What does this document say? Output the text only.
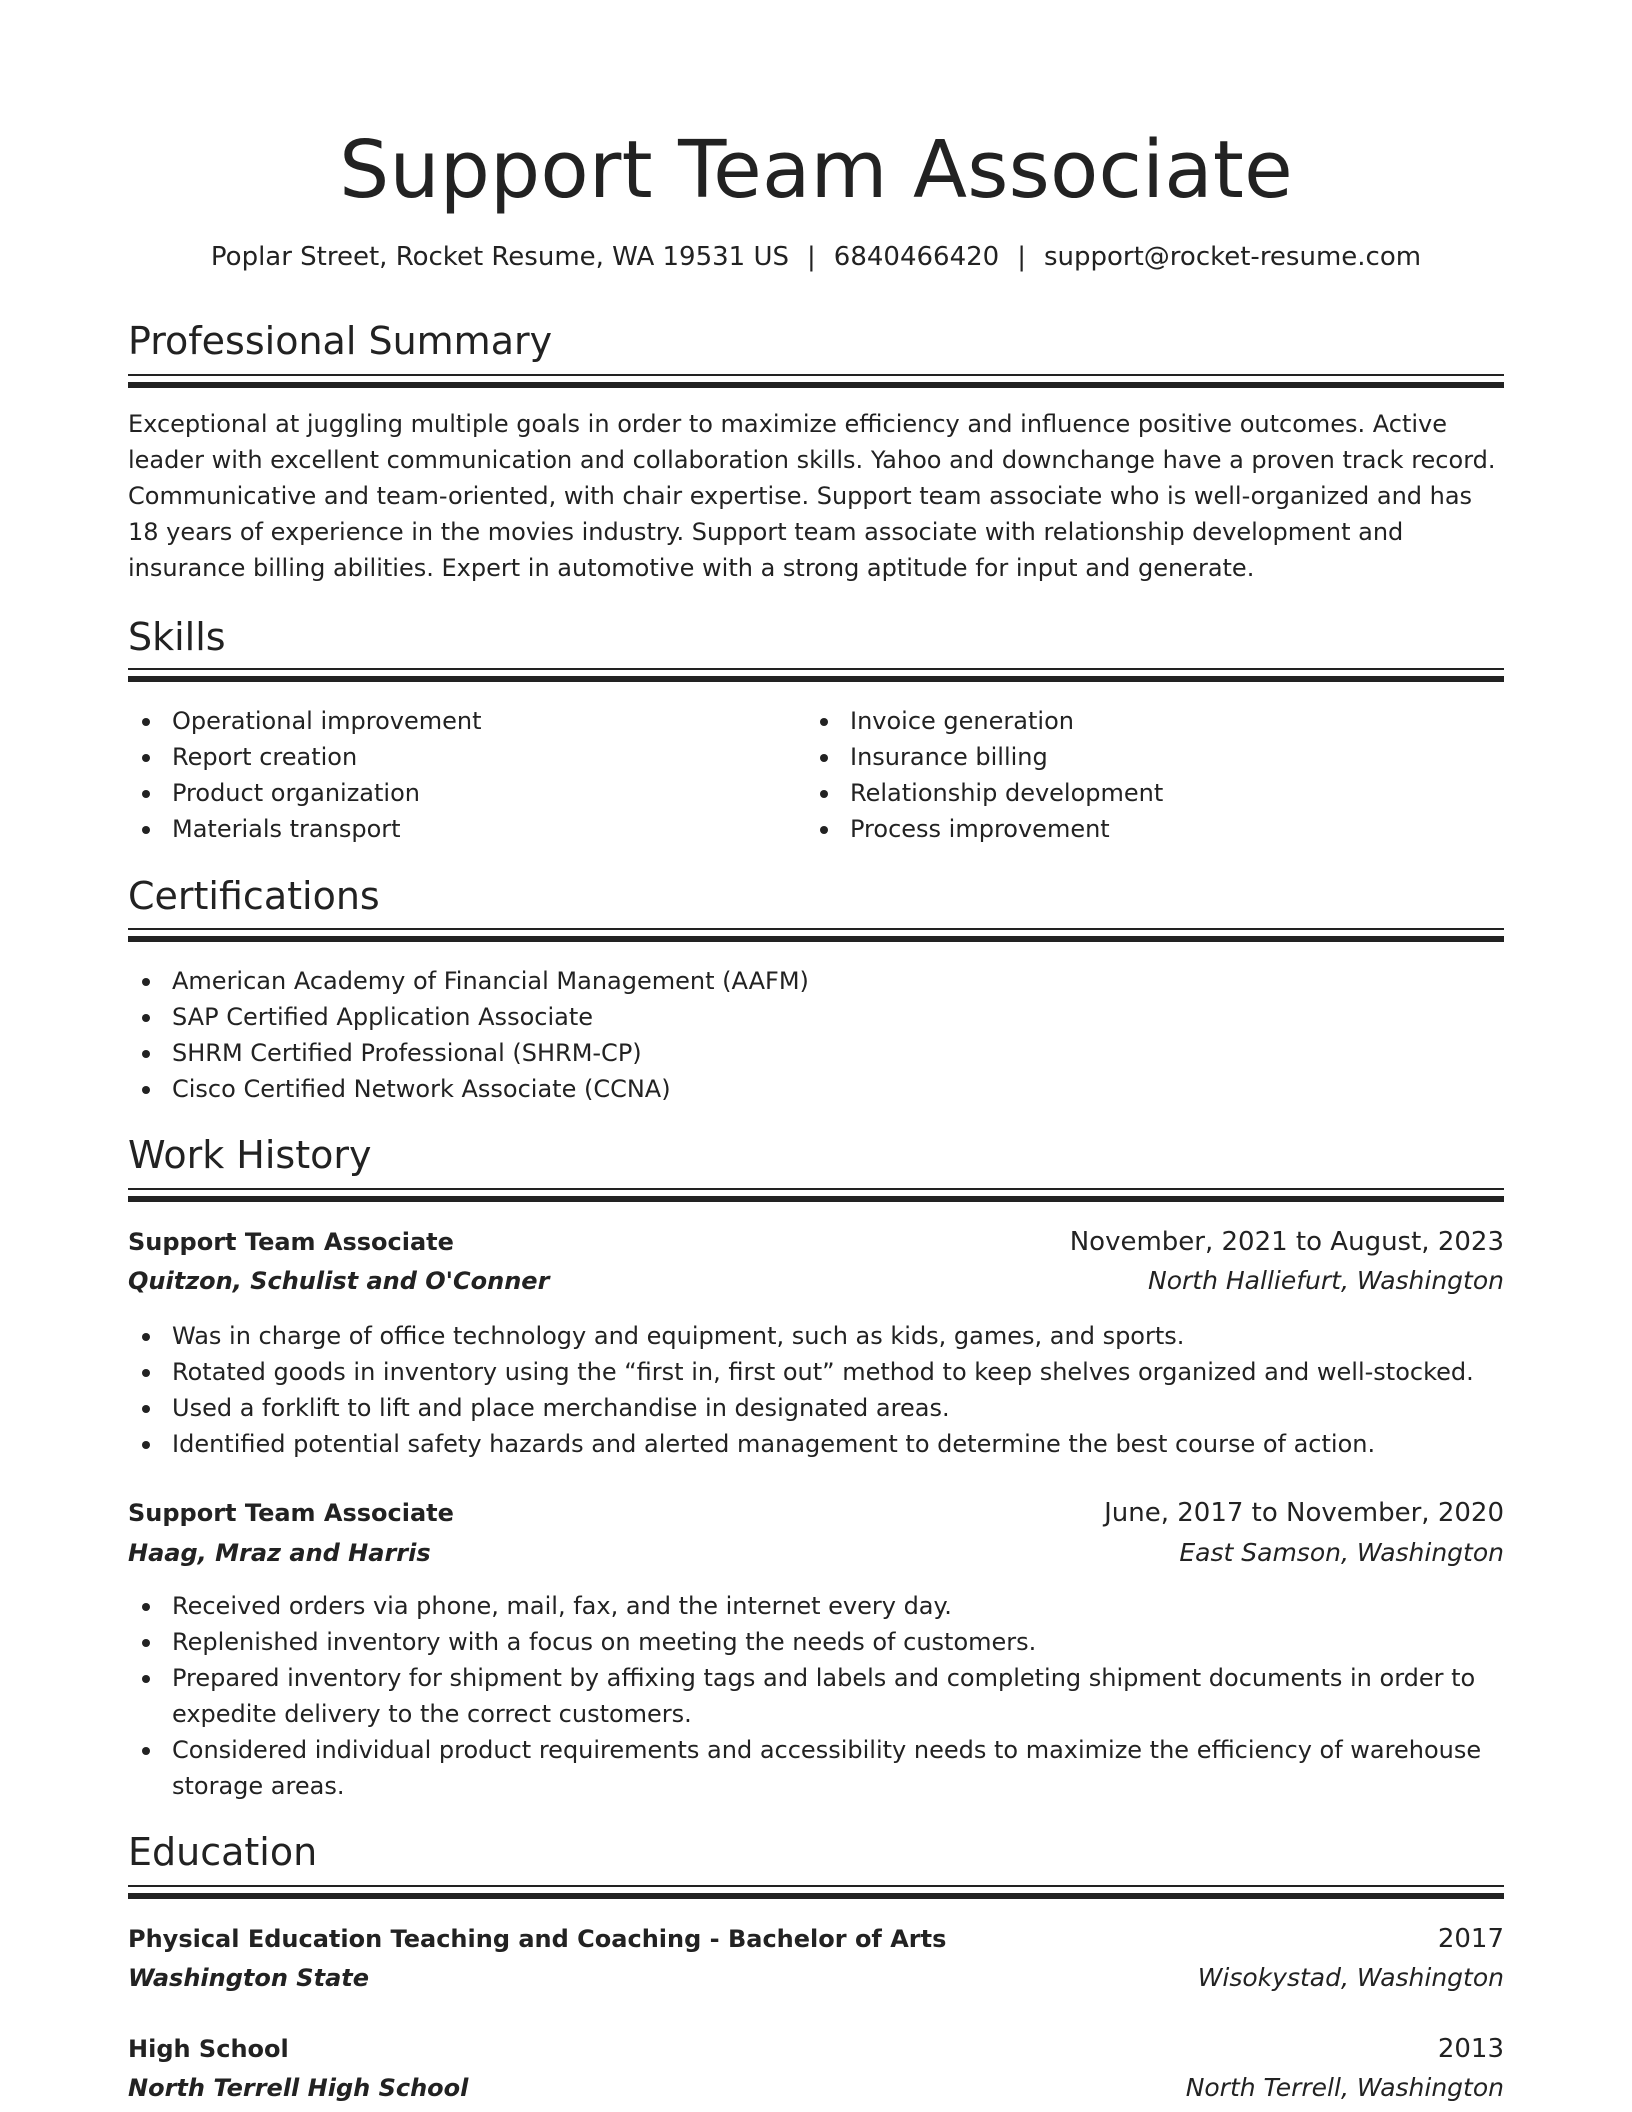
Support Team Associate
Poplar Street, Rocket Resume, WA 19531 US | 6840466420 | support@rocket-resume.com
Professional Summary
Exceptional at juggling multiple goals in order to maximize efficiency and influence positive outcomes. Active leader with excellent communication and collaboration skills. Yahoo and downchange have a proven track record. Communicative and team-oriented, with chair expertise. Support team associate who is well-organized and has 18 years of experience in the movies industry. Support team associate with relationship development and insurance billing abilities. Expert in automotive with a strong aptitude for input and generate.
Skills
Operational improvement
Report creation
Product organization
Materials transport
Invoice generation
Insurance billing
Relationship development
Process improvement
Certifications
American Academy of Financial Management (AAFM)
SAP Certified Application Associate
SHRM Certified Professional (SHRM-CP)
Cisco Certified Network Associate (CCNA)
Work History
Support Team Associate	November, 2021 to August, 2023
Quitzon, Schulist and O'Conner	North Halliefurt, Washington
Was in charge of office technology and equipment, such as kids, games, and sports.
Rotated goods in inventory using the “first in, first out” method to keep shelves organized and well-stocked.
Used a forklift to lift and place merchandise in designated areas.
Identified potential safety hazards and alerted management to determine the best course of action.
Support Team Associate	June, 2017 to November, 2020
Haag, Mraz and Harris	East Samson, Washington
Received orders via phone, mail, fax, and the internet every day.
Replenished inventory with a focus on meeting the needs of customers.
Prepared inventory for shipment by affixing tags and labels and completing shipment documents in order to expedite delivery to the correct customers.
Considered individual product requirements and accessibility needs to maximize the efficiency of warehouse storage areas.
Education
Physical Education Teaching and Coaching - Bachelor of Arts	2017
Washington State	Wisokystad, Washington
High School	2013
North Terrell High School	North Terrell, Washington
